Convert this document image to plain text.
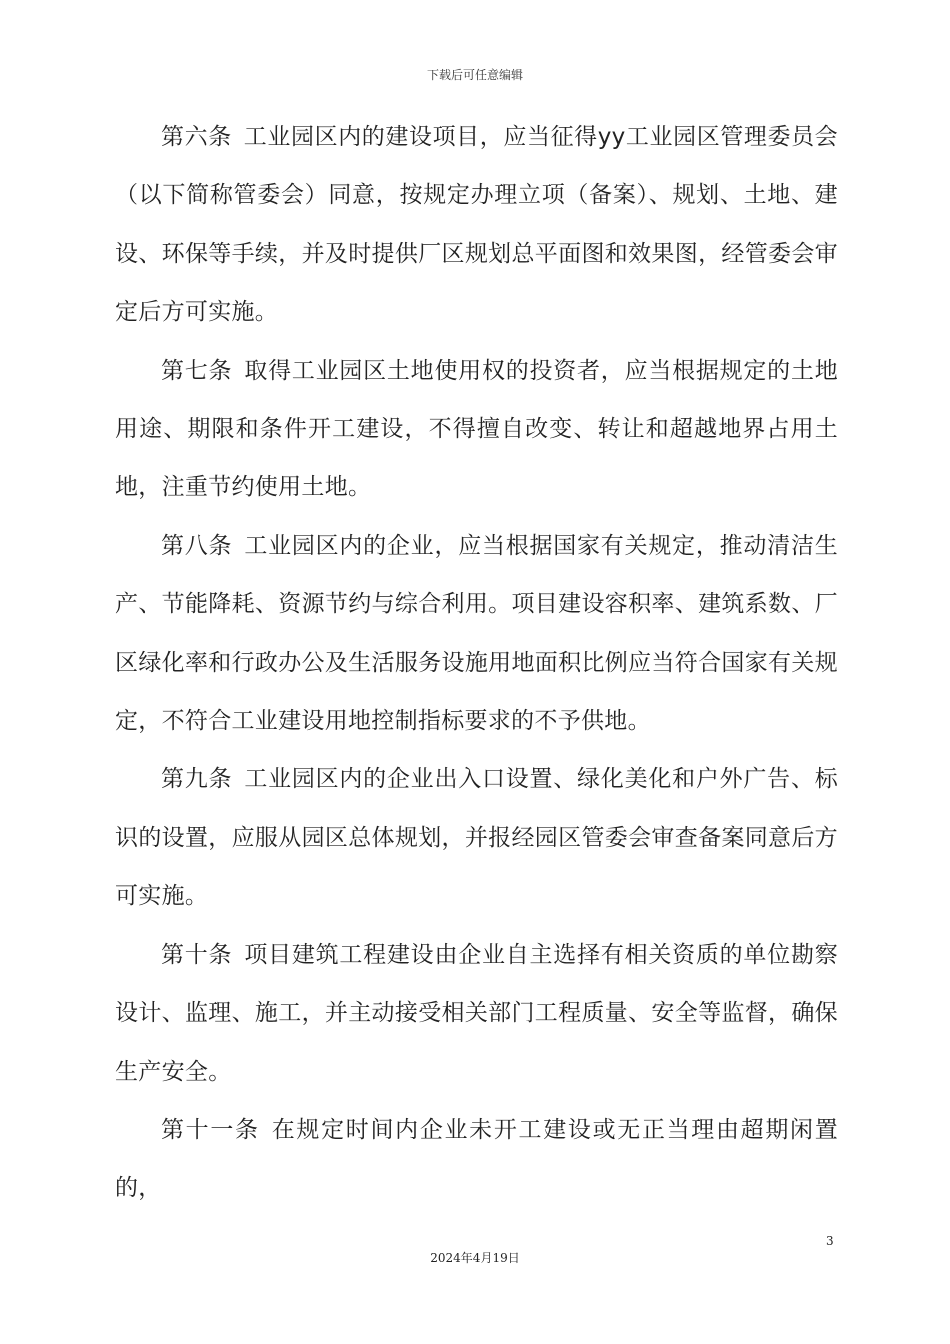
下载后可任意编辑

第六条 工业园区内的建设项目，应当征得yy工业园区管理委员会（以下简称管委会）同意，按规定办理立项（备案）、规划、土地、建设、环保等手续，并及时提供厂区规划总平面图和效果图，经管委会审定后方可实施。

第七条 取得工业园区土地使用权的投资者，应当根据规定的土地用途、期限和条件开工建设，不得擅自改变、转让和超越地界占用土地，注重节约使用土地。

第八条 工业园区内的企业，应当根据国家有关规定，推动清洁生产、节能降耗、资源节约与综合利用。项目建设容积率、建筑系数、厂区绿化率和行政办公及生活服务设施用地面积比例应当符合国家有关规定，不符合工业建设用地控制指标要求的不予供地。

第九条 工业园区内的企业出入口设置、绿化美化和户外广告、标识的设置，应服从园区总体规划，并报经园区管委会审查备案同意后方可实施。

第十条 项目建筑工程建设由企业自主选择有相关资质的单位勘察设计、监理、施工，并主动接受相关部门工程质量、安全等监督，确保生产安全。

第十一条 在规定时间内企业未开工建设或无正当理由超期闲置的，

3
2024年4月19日
